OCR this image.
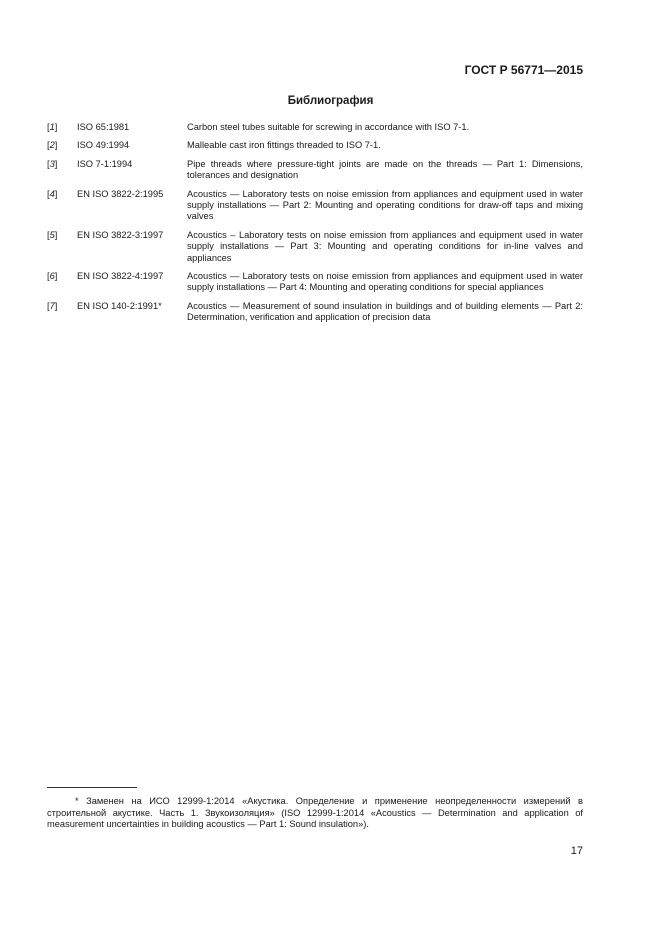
ГОСТ Р 56771—2015
Библиография
[1]	ISO 65:1981	Carbon steel tubes suitable for screwing in accordance with ISO 7-1.
[2]	ISO 49:1994	Malleable cast iron fittings threaded to ISO 7-1.
[3]	ISO 7-1:1994	Pipe threads where pressure-tight joints are made on the threads — Part 1: Dimensions, tolerances and designation
[4]	EN ISO 3822-2:1995	Acoustics — Laboratory tests on noise emission from appliances and equipment used in water supply installations — Part 2: Mounting and operating conditions for draw-off taps and mixing valves
[5]	EN ISO 3822-3:1997	Acoustics – Laboratory tests on noise emission from appliances and equipment used in water supply installations — Part 3: Mounting and operating conditions for in-line valves and appliances
[6]	EN ISO 3822-4:1997	Acoustics — Laboratory tests on noise emission from appliances and equipment used in water supply installations — Part 4: Mounting and operating conditions for special appliances
[7]	EN ISO 140-2:1991*	Acoustics — Measurement of sound insulation in buildings and of building elements — Part 2: Determination, verification and application of precision data
* Заменен на ИСО 12999-1:2014 «Акустика. Определение и применение неопределенности измерений в строительной акустике. Часть 1. Звукоизоляция» (ISO 12999-1:2014 «Acoustics — Determination and application of measurement uncertainties in building acoustics — Part 1: Sound insulation»).
17
